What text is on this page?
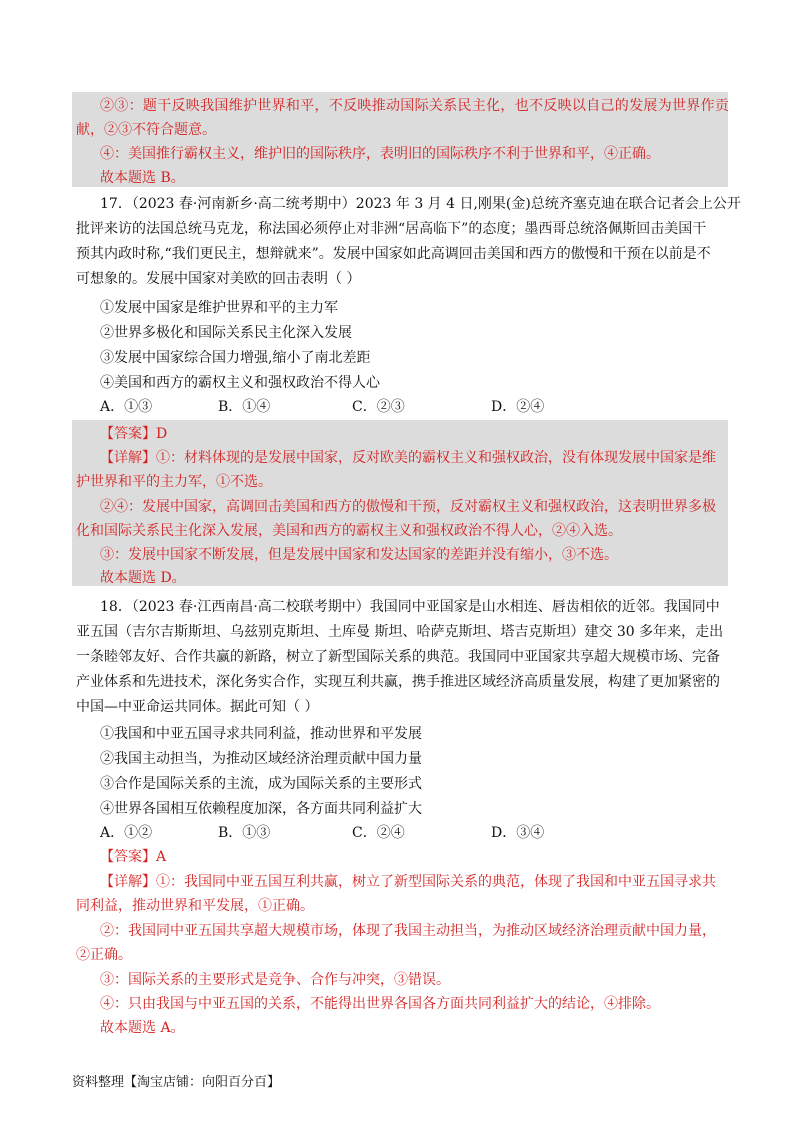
②③：题干反映我国维护世界和平，不反映推动国际关系民主化，也不反映以自己的发展为世界作贡
献，②③不符合题意。
④：美国推行霸权主义，维护旧的国际秩序，表明旧的国际秩序不利于世界和平，④正确。
故本题选 B。
17．（2023 春·河南新乡·高二统考期中）2023 年 3 月 4 日,刚果(金)总统齐塞克迪在联合记者会上公开
批评来访的法国总统马克龙，称法国必须停止对非洲“居高临下”的态度；墨西哥总统洛佩斯回击美国干
预其内政时称,“我们更民主，想辩就来”。发展中国家如此高调回击美国和西方的傲慢和干预在以前是不
可想象的。发展中国家对美欧的回击表明（ ）
①发展中国家是维护世界和平的主力军
②世界多极化和国际关系民主化深入发展
③发展中国家综合国力增强,缩小了南北差距
④美国和西方的霸权主义和强权政治不得人心
A．①③	B．①④	C．②③	D．②④
【答案】D
【详解】①：材料体现的是发展中国家，反对欧美的霸权主义和强权政治，没有体现发展中国家是维
护世界和平的主力军，①不选。
②④：发展中国家，高调回击美国和西方的傲慢和干预，反对霸权主义和强权政治，这表明世界多极
化和国际关系民主化深入发展，美国和西方的霸权主义和强权政治不得人心，②④入选。
③：发展中国家不断发展，但是发展中国家和发达国家的差距并没有缩小，③不选。
故本题选 D。
18．（2023 春·江西南昌·高二校联考期中）我国同中亚国家是山水相连、唇齿相依的近邻。我国同中
亚五国（吉尔吉斯斯坦、乌兹别克斯坦、土库曼 斯坦、哈萨克斯坦、塔吉克斯坦）建交 30 多年来，走出
一条睦邻友好、合作共赢的新路，树立了新型国际关系的典范。我国同中亚国家共享超大规模市场、完备
产业体系和先进技术，深化务实合作，实现互利共赢，携手推进区域经济高质量发展，构建了更加紧密的
中国—中亚命运共同体。据此可知（ ）
①我国和中亚五国寻求共同利益，推动世界和平发展
②我国主动担当，为推动区域经济治理贡献中国力量
③合作是国际关系的主流，成为国际关系的主要形式
④世界各国相互依赖程度加深，各方面共同利益扩大
A．①②	B．①③	C．②④	D．③④
【答案】A
【详解】①：我国同中亚五国互利共赢，树立了新型国际关系的典范，体现了我国和中亚五国寻求共
同利益，推动世界和平发展，①正确。
②：我国同中亚五国共享超大规模市场，体现了我国主动担当，为推动区域经济治理贡献中国力量，
②正确。
③：国际关系的主要形式是竞争、合作与冲突，③错误。
④：只由我国与中亚五国的关系，不能得出世界各国各方面共同利益扩大的结论，④排除。
故本题选 A。
资料整理【淘宝店铺：向阳百分百】
